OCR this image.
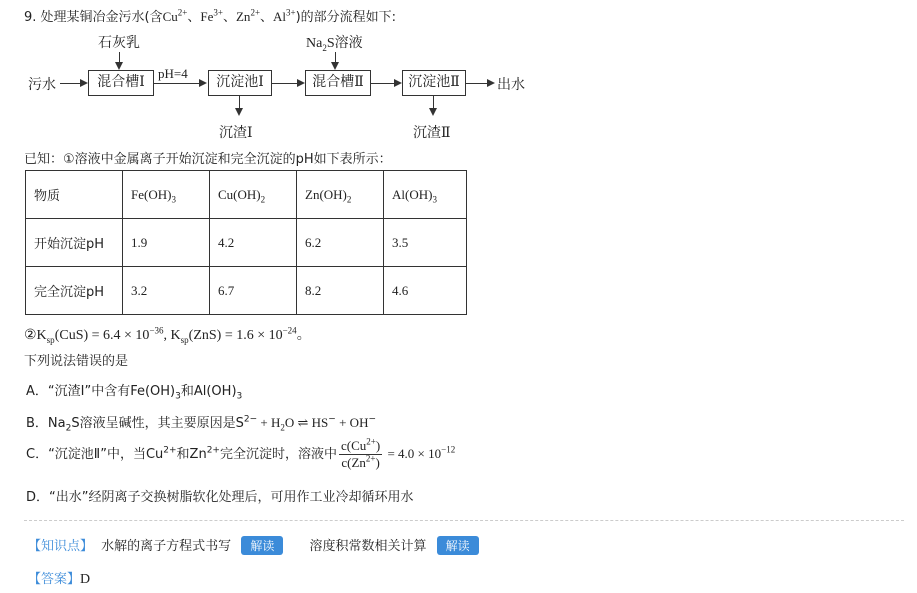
9. 处理某铜冶金污水(含$Cu^{2+}$、$Fe^{3+}$、$Zn^{2+}$、$Al^{3+}$)的部分流程如下:
污水
石灰乳
混合槽Ⅰ
pH=4
沉淀池Ⅰ
沉渣Ⅰ
$Na_2S$溶液
混合槽Ⅱ	沉淀池Ⅱ
沉渣Ⅱ
出水
已知：①溶液中金属离子开始沉淀和完全沉淀的pH如下表所示：
物质	$Fe(OH)_3$	$Cu(OH)_2$	$Zn(OH)_2$	$Al(OH)_3$
开始沉淀pH	1.9	4.2	6.2	3.5
完全沉淀pH	3.2	6.7	8.2	4.6
$②K_{sp}(CuS) = 6.4 \times 10^{-36}$, $K_{sp}(ZnS) = 1.6 \times 10^{-24}$。
下列说法错误的是
A．“沉渣Ⅰ”中含有$Fe(OH)_3$和$Al(OH)_3$
B．$Na_2S$溶液呈碱性，其主要原因是$S^{2-} + H_2O$ ⇌ HS− + OH−
C．“沉淀池Ⅱ”中，当$Cu^{2+}$和$Zn^{2+}$完全沉淀时，溶液中 $\frac{c(Cu^{2+})}{c(Zn^{2+})} = 4.0 \times 10^{-12}$
D．“出水”经阴离子交换树脂软化处理后，可用作工业冷却循环用水
【知识点】 水解的离子方程式书写 解读	溶度积常数相关计算 解读
【答案】D
